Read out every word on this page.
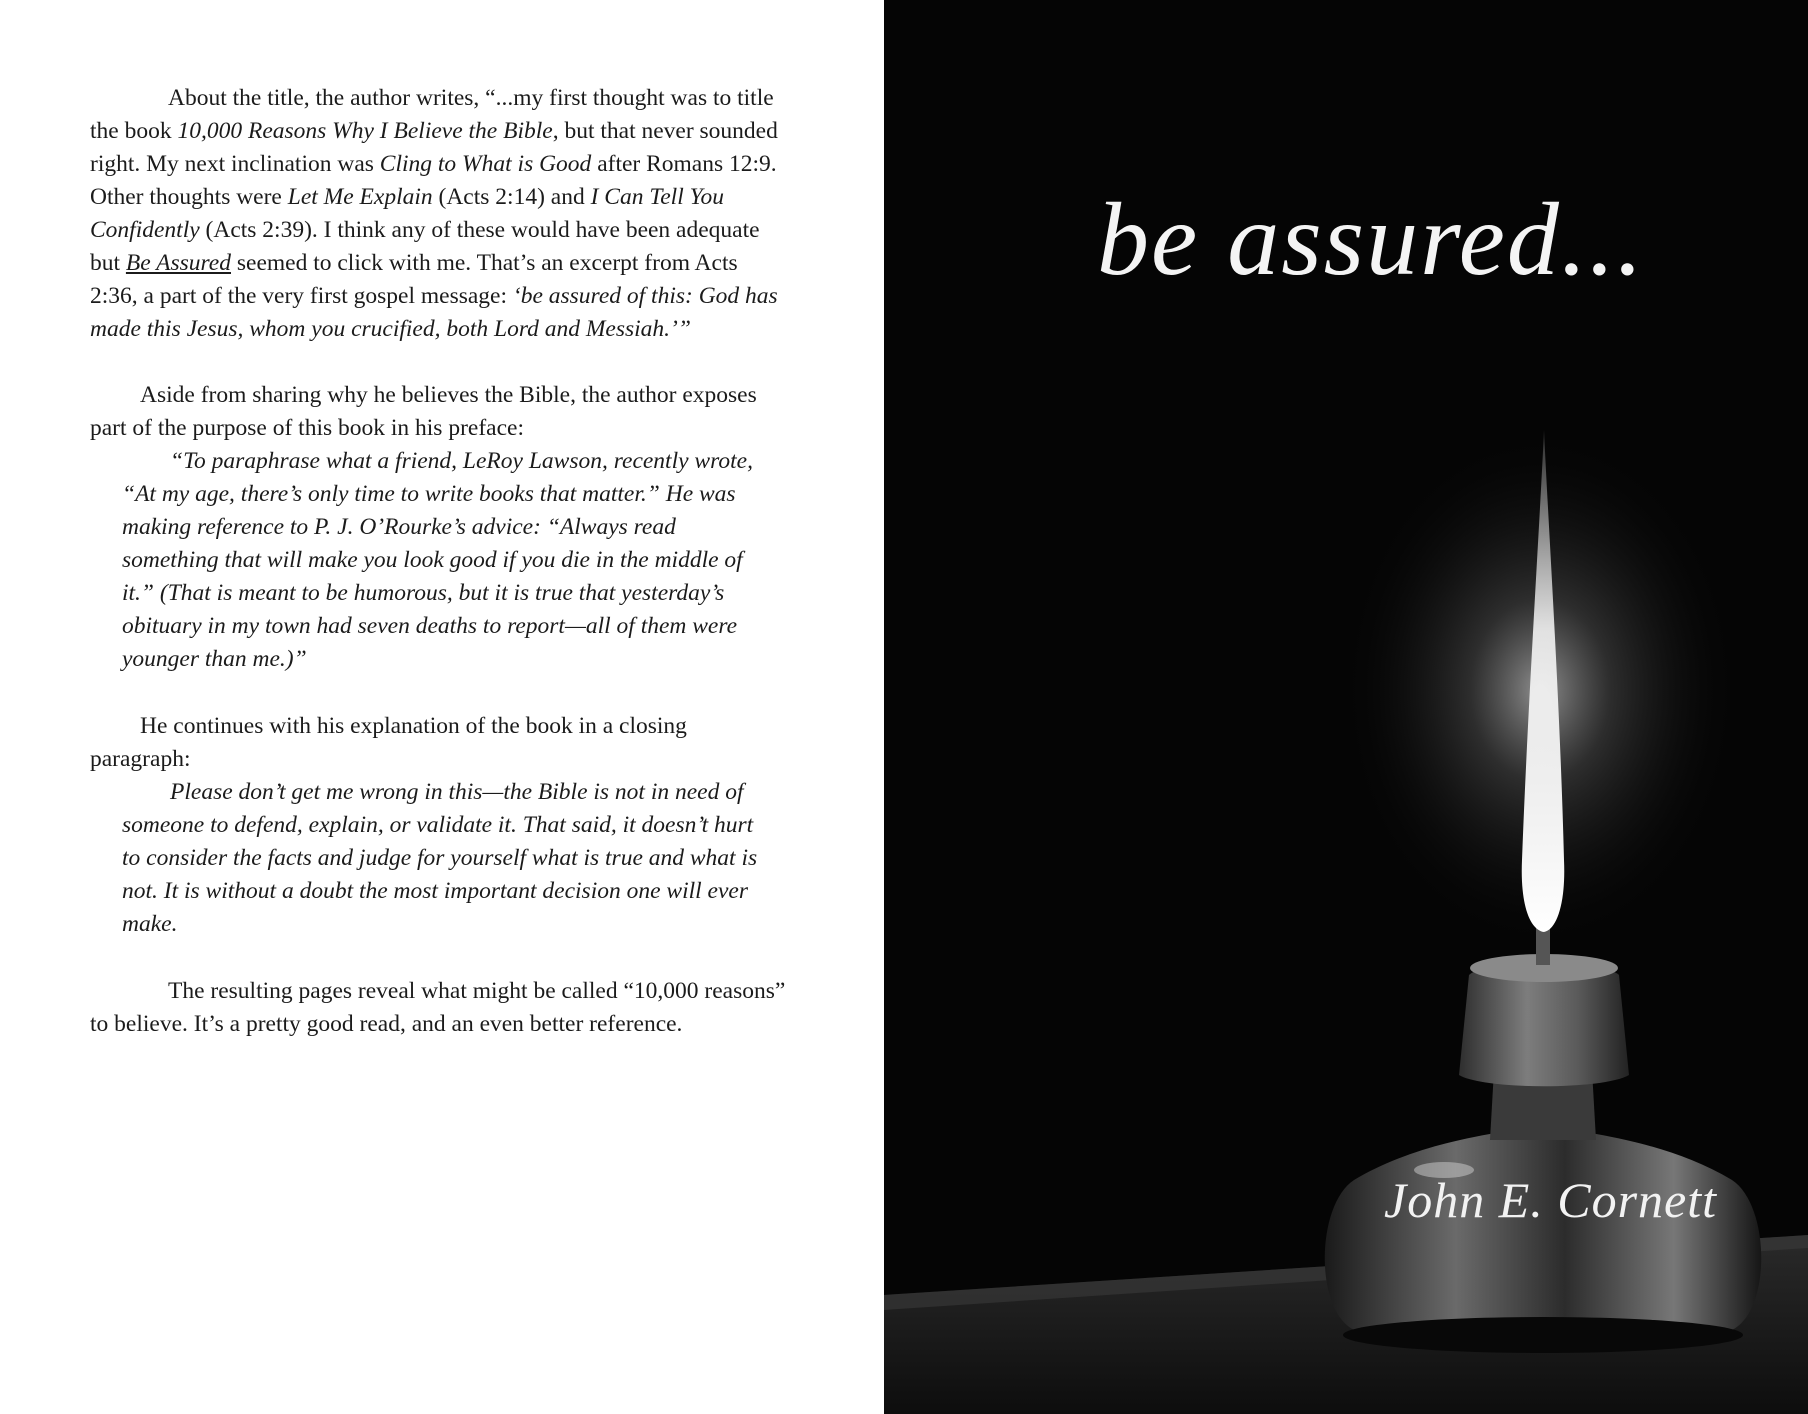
About the title, the author writes, “...my first thought was to title the book 10,000 Reasons Why I Believe the Bible, but that never sounded right. My next inclination was Cling to What is Good after Romans 12:9. Other thoughts were Let Me Explain (Acts 2:14) and I Can Tell You Confidently (Acts 2:39). I think any of these would have been adequate but Be Assured seemed to click with me. That’s an excerpt from Acts 2:36, a part of the very first gospel message: ‘be assured of this: God has made this Jesus, whom you crucified, both Lord and Messiah.’”

Aside from sharing why he believes the Bible, the author exposes part of the purpose of this book in his preface:

“To paraphrase what a friend, LeRoy Lawson, recently wrote, “At my age, there’s only time to write books that matter.” He was making reference to P. J. O’Rourke’s advice: “Always read something that will make you look good if you die in the middle of it.” (That is meant to be humorous, but it is true that yesterday’s obituary in my town had seven deaths to report—all of them were younger than me.)”

He continues with his explanation of the book in a closing paragraph:

Please don’t get me wrong in this—the Bible is not in need of someone to defend, explain, or validate it. That said, it doesn’t hurt to consider the facts and judge for yourself what is true and what is not. It is without a doubt the most important decision one will ever make.

The resulting pages reveal what might be called “10,000 reasons” to believe. It’s a pretty good read, and an even better reference.

be assured...
John E. Cornett
